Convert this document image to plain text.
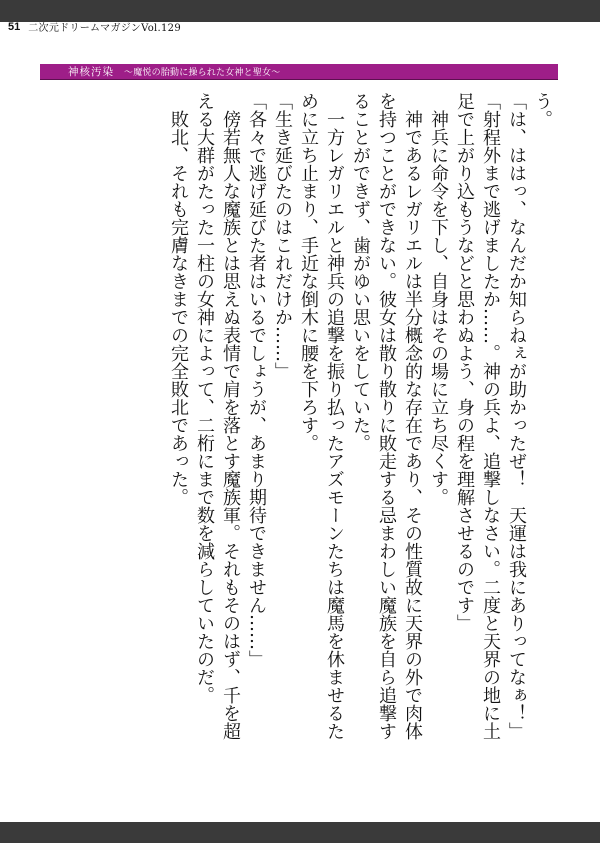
51 二次元ドリームマガジンVol.129
神核汚染 〜魔悦の胎動に操られた女神と聖女〜

う。

「は、ははっ、なんだか知らねぇが助かったぜ！　天運は我にありってなぁ！」

「射程外まで逃げましたか……。神の兵よ、追撃しなさい。二度と天界の地に土

足で上がり込もうなどと思わぬよう、身の程を理解させるのです」

　神兵に命令を下し、自身はその場に立ち尽くす。

　神であるレガリエルは半分概念的な存在であり、その性質故に天界の外で肉体

を持つことができない。彼女は散り散りに敗走する忌まわしい魔族を自ら追撃す

ることができず、歯がゆい思いをしていた。

　一方レガリエルと神兵の追撃を振り払ったアズモーンたちは魔馬を休ませるた

めに立ち止まり、手近な倒木に腰を下ろす。

「生き延びたのはこれだけか……」

「各々で逃げ延びた者はいるでしょうが、あまり期待できません……」

　傍若無人な魔族とは思えぬ表情で肩を落とす魔族軍。それもそのはず、千を超

える大群がたった一柱の女神によって、二桁にまで数を減らしていたのだ。

　敗北、それも完膚なきまでの完全敗北であった。
